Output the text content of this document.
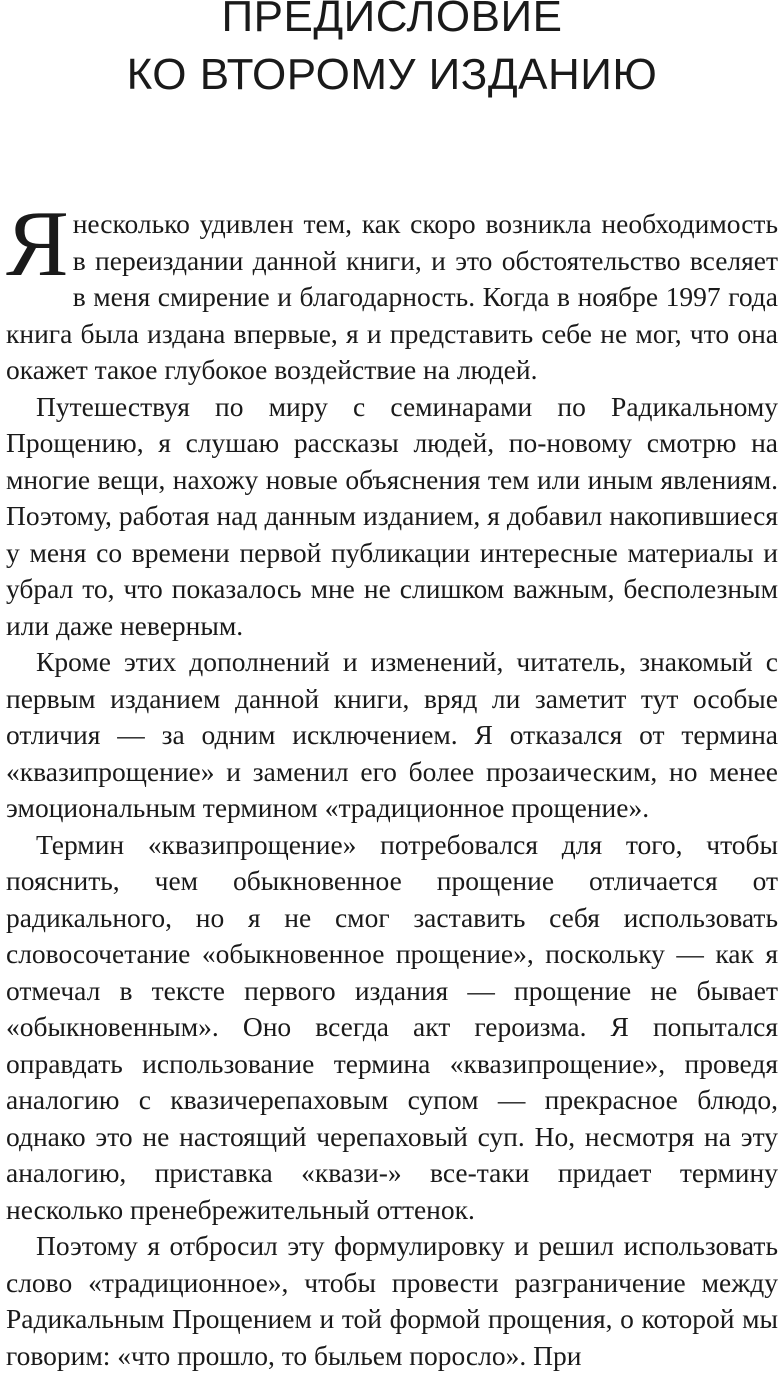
ПРЕДИСЛОВИЕ
КО ВТОРОМУ ИЗДАНИЮ

Янесколько удивлен тем, как скоро возникла необходимость в переиздании данной книги, и это обстоятельство вселяет в меня смирение и благодарность. Когда в ноябре 1997 года книга была издана впервые, я и представить себе не мог, что она окажет такое глубокое воздействие на людей.

Путешествуя по миру с семинарами по Радикальному Прощению, я слушаю рассказы людей, по-новому смотрю на многие вещи, нахожу новые объяснения тем или иным явлениям. Поэтому, работая над данным изданием, я добавил накопившиеся у меня со времени первой публикации интересные материалы и убрал то, что показалось мне не слишком важным, бесполезным или даже неверным.

Кроме этих дополнений и изменений, читатель, знакомый с первым изданием данной книги, вряд ли заметит тут особые отличия — за одним исключением. Я отказался от термина «квазипрощение» и заменил его более прозаическим, но менее эмоциональным термином «традиционное прощение».

Термин «квазипрощение» потребовался для того, чтобы пояснить, чем обыкновенное прощение отличается от радикального, но я не смог заставить себя использовать словосочетание «обыкновенное прощение», поскольку — как я отмечал в тексте первого издания — прощение не бывает «обыкновенным». Оно всегда акт героизма. Я попытался оправдать использование термина «квазипрощение», проведя аналогию с квазичерепаховым супом — прекрасное блюдо, однако это не настоящий черепаховый суп. Но, несмотря на эту аналогию, приставка «квази-» все-таки придает термину несколько пренебрежительный оттенок.

Поэтому я отбросил эту формулировку и решил использовать слово «традиционное», чтобы провести разграничение между Радикальным Прощением и той формой прощения, о которой мы говорим: «что прошло, то быльем поросло». При
